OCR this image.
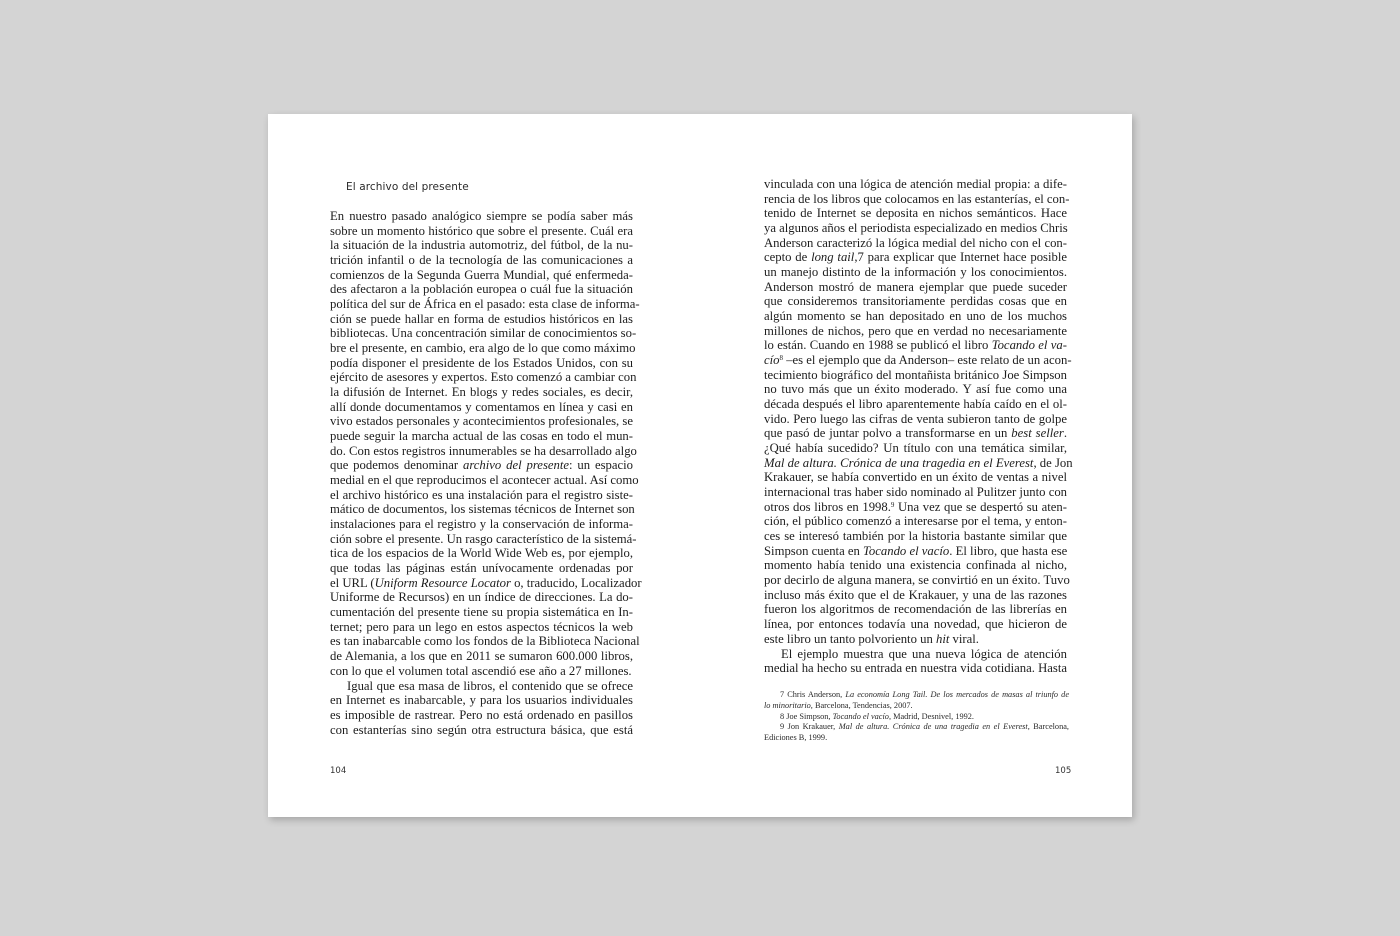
El archivo del presente
En nuestro pasado analógico siempre se podía saber más
sobre un momento histórico que sobre el presente. Cuál era
la situación de la industria automotriz, del fútbol, de la nu-
trición infantil o de la tecnología de las comunicaciones a
comienzos de la Segunda Guerra Mundial, qué enfermeda-
des afectaron a la población europea o cuál fue la situación
política del sur de África en el pasado: esta clase de informa-
ción se puede hallar en forma de estudios históricos en las
bibliotecas. Una concentración similar de conocimientos so-
bre el presente, en cambio, era algo de lo que como máximo
podía disponer el presidente de los Estados Unidos, con su
ejército de asesores y expertos. Esto comenzó a cambiar con
la difusión de Internet. En blogs y redes sociales, es decir,
allí donde documentamos y comentamos en línea y casi en
vivo estados personales y acontecimientos profesionales, se
puede seguir la marcha actual de las cosas en todo el mun-
do. Con estos registros innumerables se ha desarrollado algo
que podemos denominar archivo del presente: un espacio
medial en el que reproducimos el acontecer actual. Así como
el archivo histórico es una instalación para el registro siste-
mático de documentos, los sistemas técnicos de Internet son
instalaciones para el registro y la conservación de informa-
ción sobre el presente. Un rasgo característico de la sistemá-
tica de los espacios de la World Wide Web es, por ejemplo,
que todas las páginas están unívocamente ordenadas por
el URL (Uniform Resource Locator o, traducido, Localizador
Uniforme de Recursos) en un índice de direcciones. La do-
cumentación del presente tiene su propia sistemática en In-
ternet; pero para un lego en estos aspectos técnicos la web
es tan inabarcable como los fondos de la Biblioteca Nacional
de Alemania, a los que en 2011 se sumaron 600.000 libros,
con lo que el volumen total ascendió ese año a 27 millones.
Igual que esa masa de libros, el contenido que se ofrece
en Internet es inabarcable, y para los usuarios individuales
es imposible de rastrear. Pero no está ordenado en pasillos
con estanterías sino según otra estructura básica, que está
vinculada con una lógica de atención medial propia: a dife-
rencia de los libros que colocamos en las estanterías, el con-
tenido de Internet se deposita en nichos semánticos. Hace
ya algunos años el periodista especializado en medios Chris
Anderson caracterizó la lógica medial del nicho con el con-
cepto de long tail,7 para explicar que Internet hace posible
un manejo distinto de la información y los conocimientos.
Anderson mostró de manera ejemplar que puede suceder
que consideremos transitoriamente perdidas cosas que en
algún momento se han depositado en uno de los muchos
millones de nichos, pero que en verdad no necesariamente
lo están. Cuando en 1988 se publicó el libro Tocando el va-
cío$^8$ –es el ejemplo que da Anderson– este relato de un acon-
tecimiento biográfico del montañista británico Joe Simpson
no tuvo más que un éxito moderado. Y así fue como una
década después el libro aparentemente había caído en el ol-
vido. Pero luego las cifras de venta subieron tanto de golpe
que pasó de juntar polvo a transformarse en un best seller.
¿Qué había sucedido? Un título con una temática similar,
Mal de altura. Crónica de una tragedia en el Everest, de Jon
Krakauer, se había convertido en un éxito de ventas a nivel
internacional tras haber sido nominado al Pulitzer junto con
otros dos libros en 1998.$^9$ Una vez que se despertó su aten-
ción, el público comenzó a interesarse por el tema, y enton-
ces se interesó también por la historia bastante similar que
Simpson cuenta en Tocando el vacío. El libro, que hasta ese
momento había tenido una existencia confinada al nicho,
por decirlo de alguna manera, se convirtió en un éxito. Tuvo
incluso más éxito que el de Krakauer, y una de las razones
fueron los algoritmos de recomendación de las librerías en
línea, por entonces todavía una novedad, que hicieron de
este libro un tanto polvoriento un hit viral.
El ejemplo muestra que una nueva lógica de atención
medial ha hecho su entrada en nuestra vida cotidiana. Hasta
7 Chris Anderson, La economía Long Tail. De los mercados de masas al triunfo de
lo minoritario, Barcelona, Tendencias, 2007.
8 Joe Simpson, Tocando el vacío, Madrid, Desnivel, 1992.
9 Jon Krakauer, Mal de altura. Crónica de una tragedia en el Everest, Barcelona,
Ediciones B, 1999.
104	105
